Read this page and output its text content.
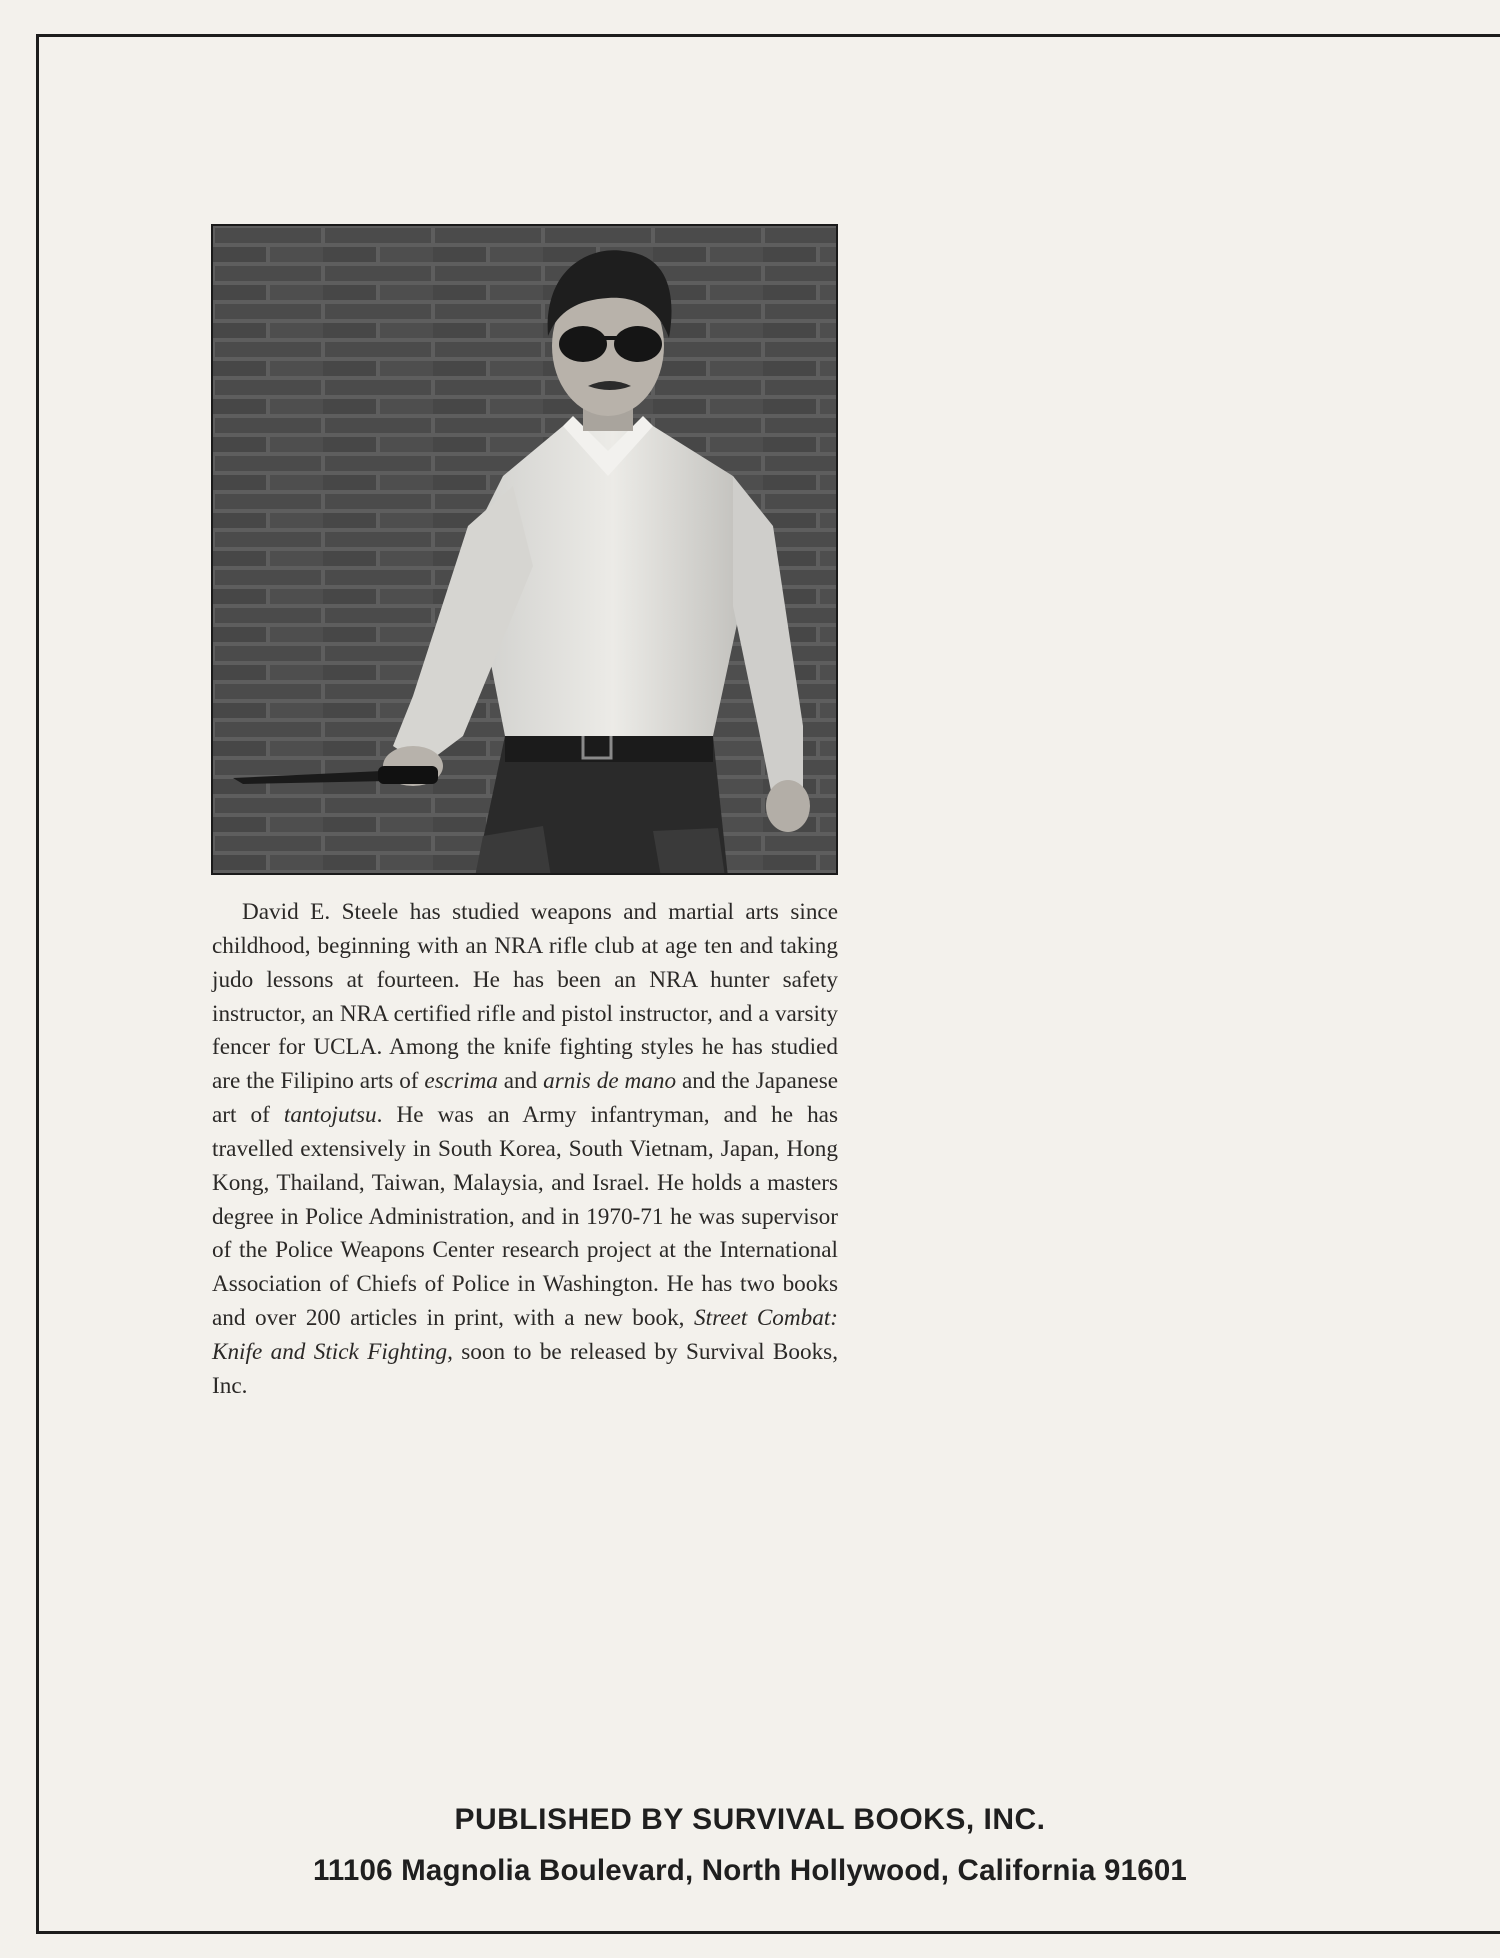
David E. Steele has studied weapons and martial arts since childhood, beginning with an NRA rifle club at age ten and taking judo lessons at fourteen. He has been an NRA hunter safety instructor, an NRA certified rifle and pistol instructor, and a varsity fencer for UCLA. Among the knife fighting styles he has studied are the Filipino arts of escrima and arnis de mano and the Japanese art of tantojutsu. He was an Army infantryman, and he has travelled extensively in South Korea, South Vietnam, Japan, Hong Kong, Thailand, Taiwan, Malaysia, and Israel. He holds a masters degree in Police Administration, and in 1970-71 he was supervisor of the Police Weapons Center research project at the International Association of Chiefs of Police in Washington. He has two books and over 200 articles in print, with a new book, Street Combat: Knife and Stick Fighting, soon to be released by Survival Books, Inc.

PUBLISHED BY SURVIVAL BOOKS, INC.
11106 Magnolia Boulevard, North Hollywood, California 91601
